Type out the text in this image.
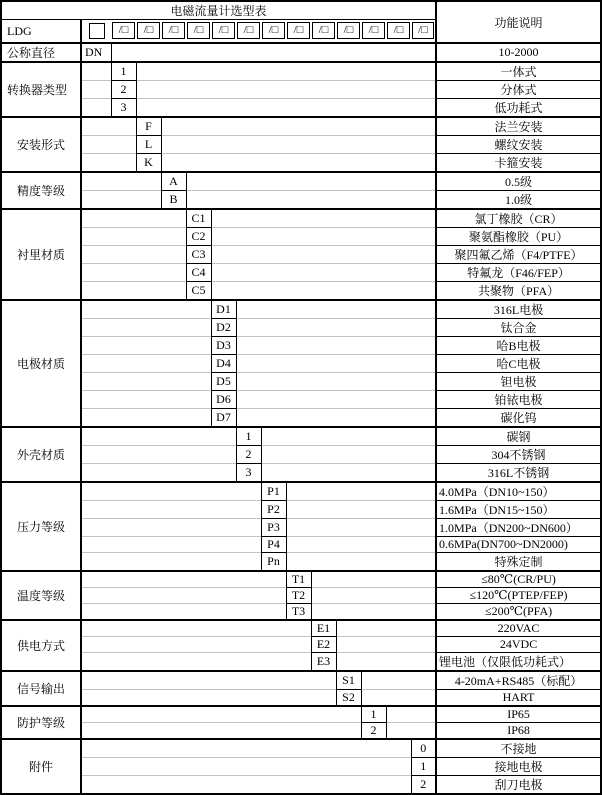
电磁流量计选型表															功能说明
LDG		/□	/□	/□	/□	/□	/□	/□	/□	/□	/□	/□	/□	/□	

公称直径	DN														10-2000
转换器类型		1													一体式
		2													分体式
		3													低功耗式
安装形式			F												法兰安装
			L												螺纹安装
			K												卡箍安装
精度等级				A											0.5级
				B											1.0级
衬里材质					C1										氯丁橡胶（CR）
					C2										聚氨酯橡胶（PU）
					C3										聚四氟乙烯（F4/PTFE）
					C4										特氟龙（F46/FEP）
					C5										共聚物（PFA）
电极材质						D1									316L电极
						D2									钛合金
						D3									哈B电极
						D4									哈C电极
						D5									钽电极
						D6									铂铱电极
						D7									碳化钨
外壳材质							1								碳钢
							2								304不锈钢
							3								316L不锈钢
压力等级								P1							4.0MPa（DN10~150）
								P2							1.6MPa（DN15~150）
								P3							1.0MPa（DN200~DN600）
								P4							0.6MPa(DN700~DN2000)
								Pn							特殊定制
温度等级									T1						≤80℃(CR/PU)
									T2						≤120℃(PTEP/FEP)
									T3						≤200℃(PFA)
供电方式										E1					220VAC
										E2					24VDC
										E3					锂电池（仅限低功耗式）
信号输出											S1				4-20mA+RS485（标配）
											S2				HART
防护等级												1			IP65
												2			IP68
附件														0	不接地
														1	接地电极
														2	刮刀电极
